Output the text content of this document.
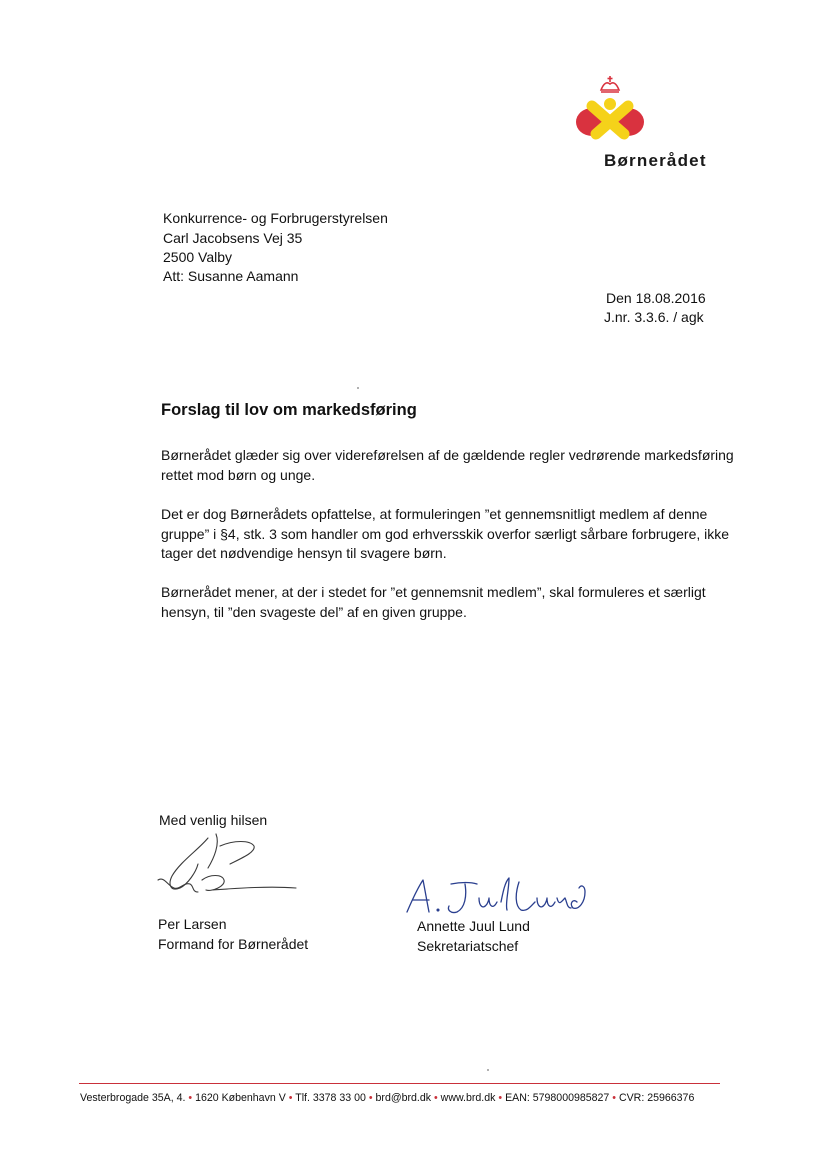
Børnerådet
Konkurrence- og Forbrugerstyrelsen
Carl Jacobsens Vej 35
2500 Valby
Att: Susanne Aamann
Den 18.08.2016
J.nr. 3.3.6. / agk
Forslag til lov om markedsføring
Børnerådet glæder sig over videreførelsen af de gældende regler vedrørende markedsføring
rettet mod børn og unge.
Det er dog Børnerådets opfattelse, at formuleringen ”et gennemsnitligt medlem af denne
gruppe” i §4, stk. 3 som handler om god erhversskik overfor særligt sårbare forbrugere, ikke
tager det nødvendige hensyn til svagere børn.
Børnerådet mener, at der i stedet for ”et gennemsnit medlem”, skal formuleres et særligt
hensyn, til ”den svageste del” af en given gruppe.
Med venlig hilsen
Per Larsen
Formand for Børnerådet
Annette Juul Lund
Sekretariatschef
Vesterbrogade 35A, 4. • 1620 København V • Tlf. 3378 33 00 • brd@brd.dk • www.brd.dk • EAN: 5798000985827 • CVR: 25966376
